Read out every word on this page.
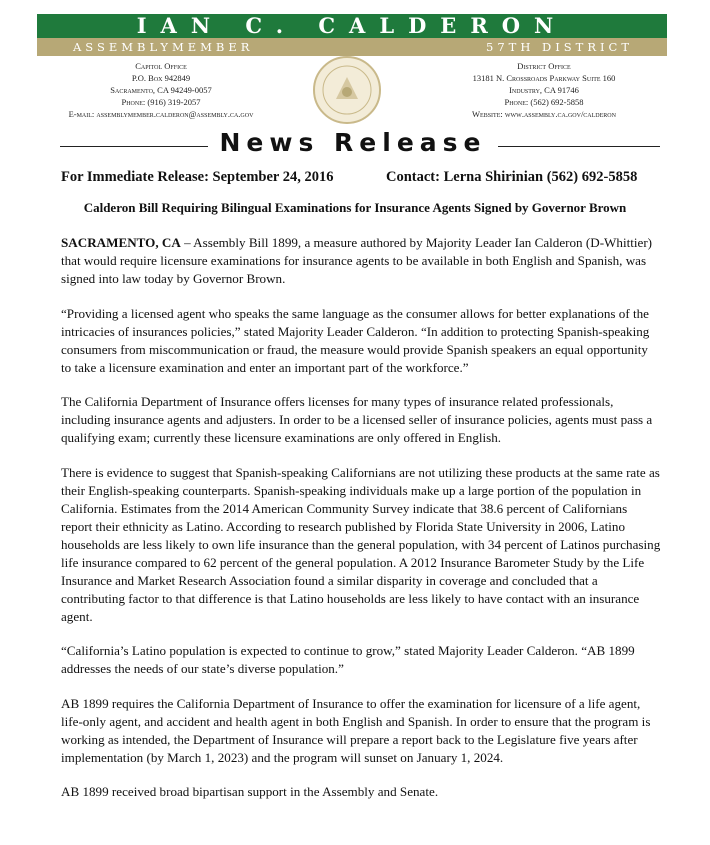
IAN C. CALDERON
ASSEMBLYMEMBER	57TH DISTRICT
Capitol Office
P.O. Box 942849
Sacramento, CA 94249-0057
Phone: (916) 319-2057
E-mail: assemblymember.calderon@assembly.ca.gov
District Office
13181 N. Crossroads Parkway Suite 160
Industry, CA 91746
Phone: (562) 692-5858
Website: www.assembly.ca.gov/calderon
News Release
For Immediate Release: September 24, 2016	Contact: Lerna Shirinian (562) 692-5858
Calderon Bill Requiring Bilingual Examinations for Insurance Agents Signed by Governor Brown

SACRAMENTO, CA – Assembly Bill 1899, a measure authored by Majority Leader Ian Calderon (D-Whittier) that would require licensure examinations for insurance agents to be available in both English and Spanish, was signed into law today by Governor Brown.

“Providing a licensed agent who speaks the same language as the consumer allows for better explanations of the intricacies of insurances policies,” stated Majority Leader Calderon. “In addition to protecting Spanish-speaking consumers from miscommunication or fraud, the measure would provide Spanish speakers an equal opportunity to take a licensure examination and enter an important part of the workforce.”

The California Department of Insurance offers licenses for many types of insurance related professionals, including insurance agents and adjusters. In order to be a licensed seller of insurance policies, agents must pass a qualifying exam; currently these licensure examinations are only offered in English.

There is evidence to suggest that Spanish-speaking Californians are not utilizing these products at the same rate as their English-speaking counterparts. Spanish-speaking individuals make up a large portion of the population in California. Estimates from the 2014 American Community Survey indicate that 38.6 percent of Californians report their ethnicity as Latino. According to research published by Florida State University in 2006, Latino households are less likely to own life insurance than the general population, with 34 percent of Latinos purchasing life insurance compared to 62 percent of the general population. A 2012 Insurance Barometer Study by the Life Insurance and Market Research Association found a similar disparity in coverage and concluded that a contributing factor to that difference is that Latino households are less likely to have contact with an insurance agent.

“California’s Latino population is expected to continue to grow,” stated Majority Leader Calderon. “AB 1899 addresses the needs of our state’s diverse population.”

AB 1899 requires the California Department of Insurance to offer the examination for licensure of a life agent, life-only agent, and accident and health agent in both English and Spanish. In order to ensure that the program is working as intended, the Department of Insurance will prepare a report back to the Legislature five years after implementation (by March 1, 2023) and the program will sunset on January 1, 2024.

AB 1899 received broad bipartisan support in the Assembly and Senate.
